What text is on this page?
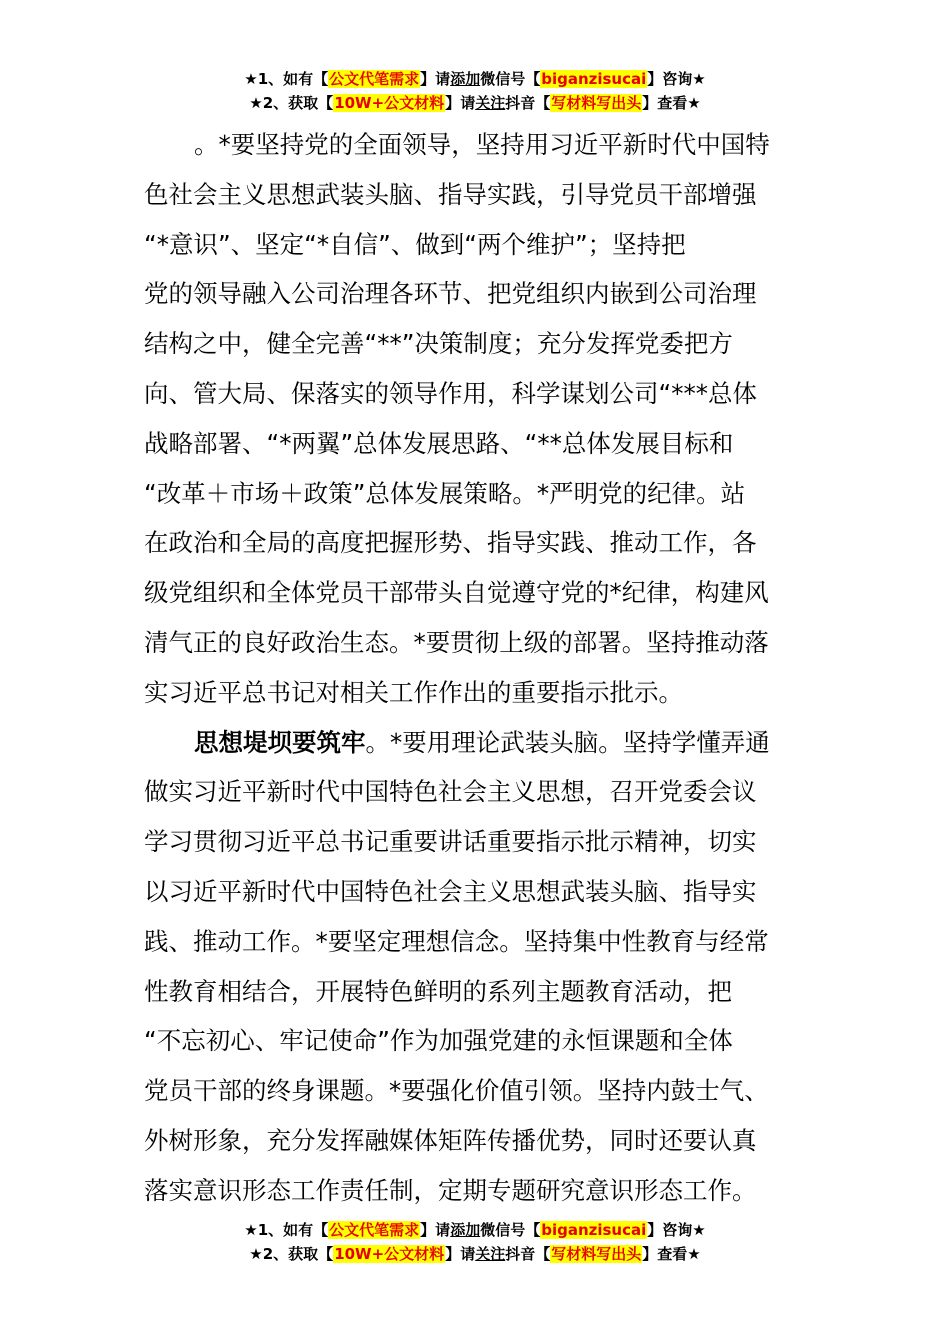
★1、如有【公文代笔需求】请添加微信号【biganzisucai】咨询★
★2、获取【10W+公文材料】请关注抖音【写材料写出头】查看★
。*要坚持党的全面领导，坚持用习近平新时代中国特
色社会主义思想武装头脑、指导实践，引导党员干部增强
“*意识”、坚定“*自信”、做到“两个维护”；坚持把
党的领导融入公司治理各环节、把党组织内嵌到公司治理
结构之中，健全完善“**”决策制度；充分发挥党委把方
向、管大局、保落实的领导作用，科学谋划公司“***总体
战略部署、“*两翼”总体发展思路、“**总体发展目标和
“改革＋市场＋政策”总体发展策略。*严明党的纪律。站
在政治和全局的高度把握形势、指导实践、推动工作，各
级党组织和全体党员干部带头自觉遵守党的*纪律，构建风
清气正的良好政治生态。*要贯彻上级的部署。坚持推动落
实习近平总书记对相关工作作出的重要指示批示。
思想堤坝要筑牢。*要用理论武装头脑。坚持学懂弄通
做实习近平新时代中国特色社会主义思想，召开党委会议
学习贯彻习近平总书记重要讲话重要指示批示精神，切实
以习近平新时代中国特色社会主义思想武装头脑、指导实
践、推动工作。*要坚定理想信念。坚持集中性教育与经常
性教育相结合，开展特色鲜明的系列主题教育活动，把
“不忘初心、牢记使命”作为加强党建的永恒课题和全体
党员干部的终身课题。*要强化价值引领。坚持内鼓士气、
外树形象，充分发挥融媒体矩阵传播优势，同时还要认真
落实意识形态工作责任制，定期专题研究意识形态工作。
★1、如有【公文代笔需求】请添加微信号【biganzisucai】咨询★
★2、获取【10W+公文材料】请关注抖音【写材料写出头】查看★
